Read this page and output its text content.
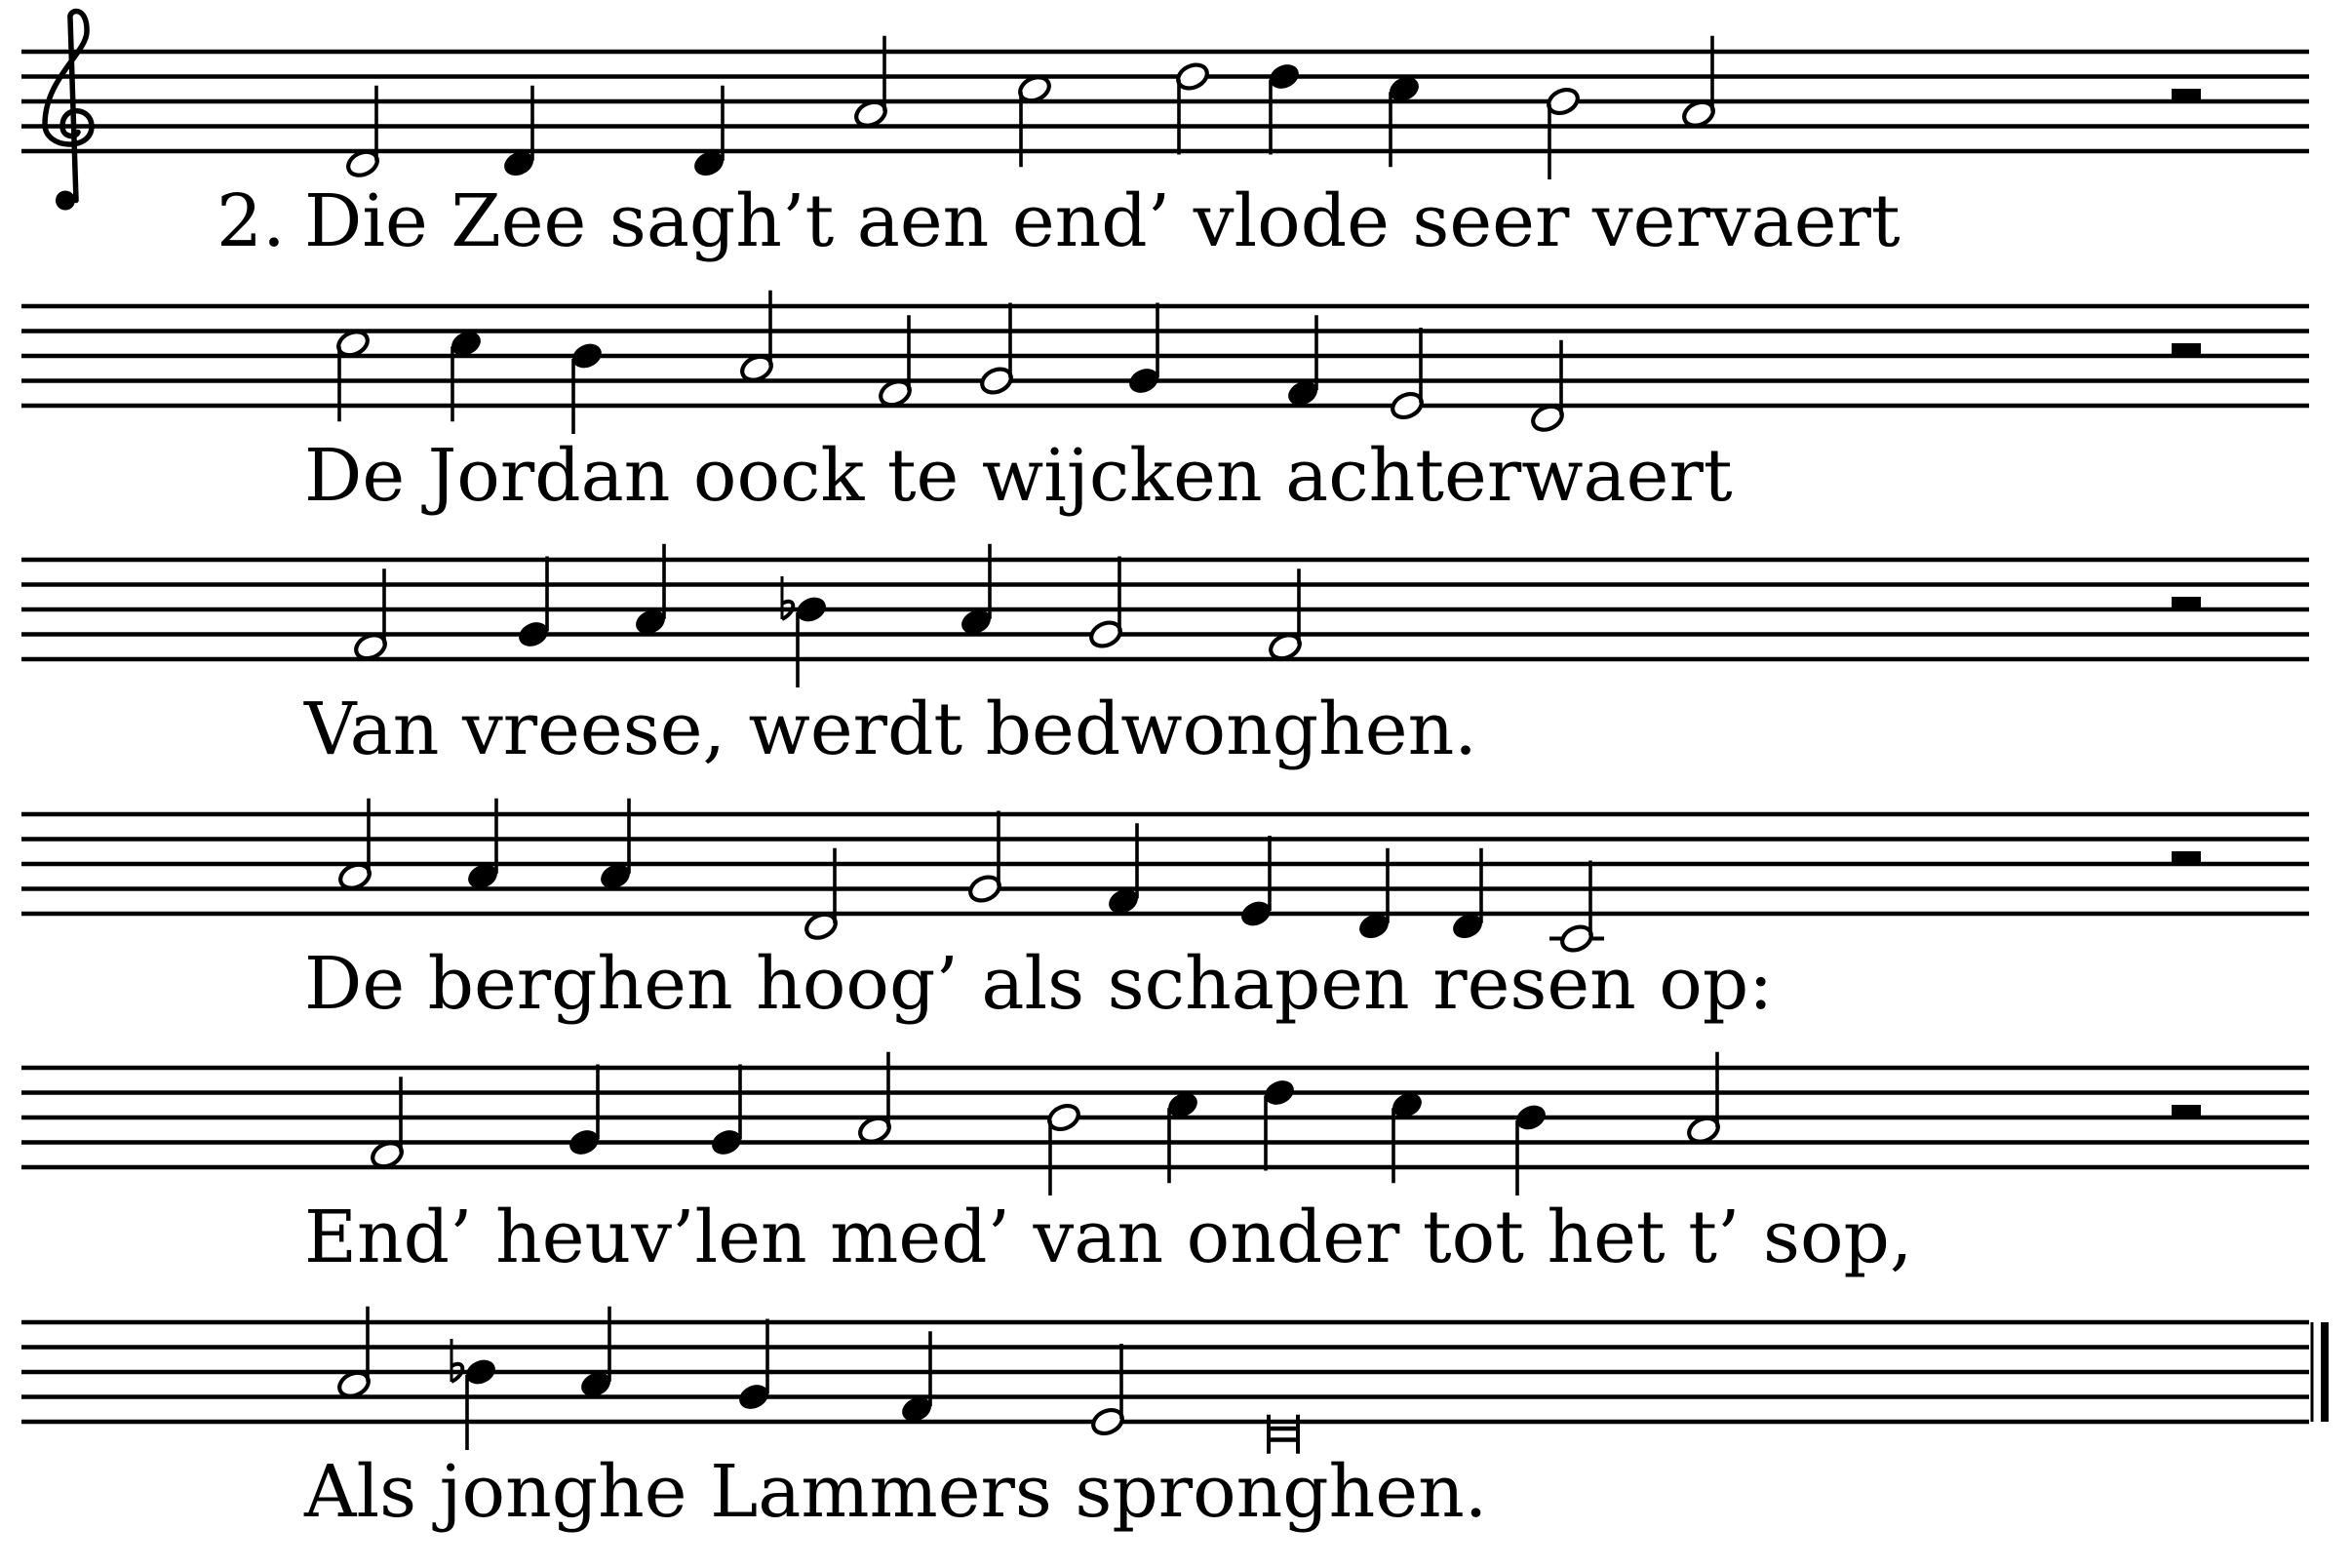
2. Die Zee sagh’t aen end’ vlode seer vervaert
De Jordan oock te wijcken achterwaert
Van vreese, werdt bedwonghen.
De berghen hoog’ als schapen resen op:
End’ heuv’len med’ van onder tot het t’ sop,
Als jonghe Lammers spronghen.
